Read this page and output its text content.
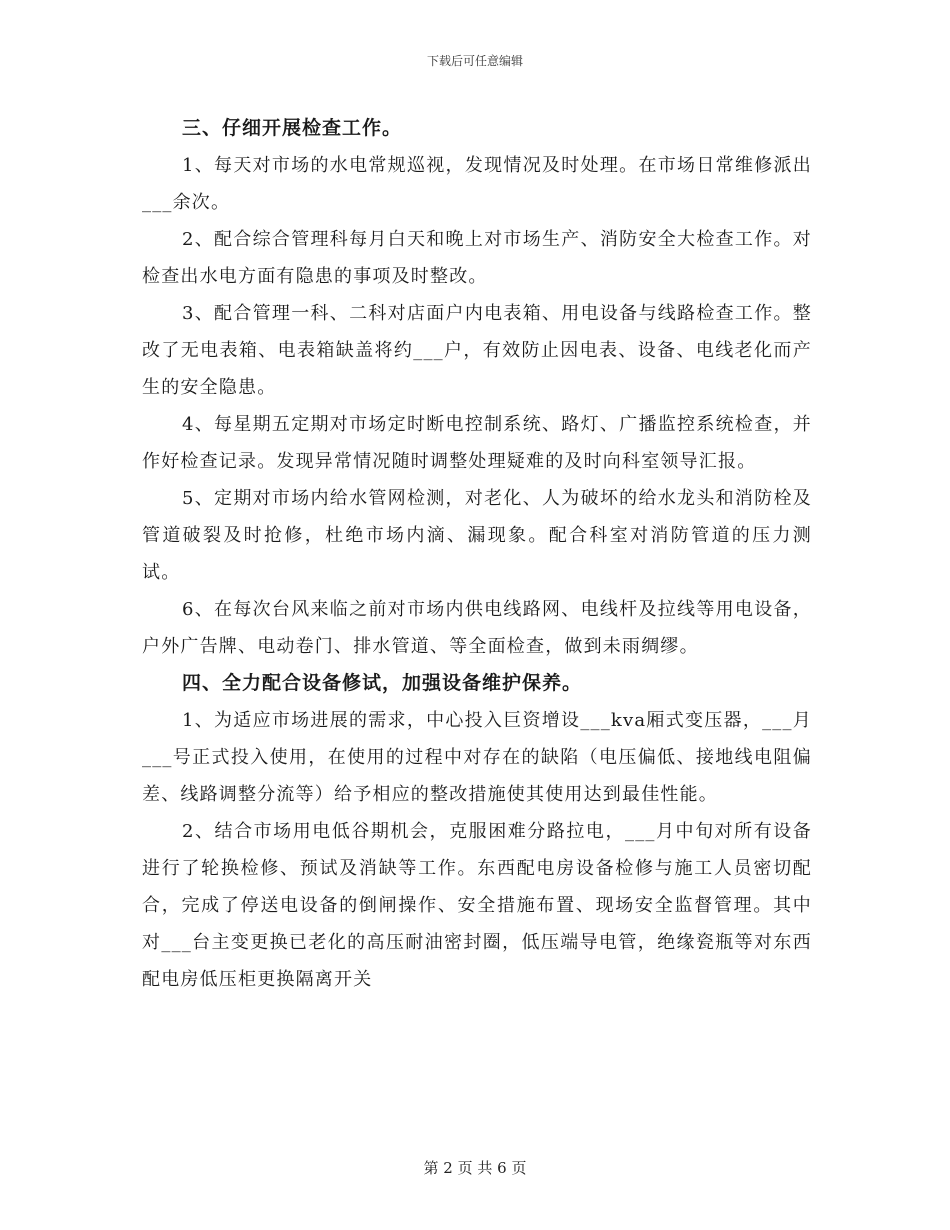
下载后可任意编辑

三、仔细开展检查工作。

1、每天对市场的水电常规巡视，发现情况及时处理。在市场日常维修派出___余次。

2、配合综合管理科每月白天和晚上对市场生产、消防安全大检查工作。对检查出水电方面有隐患的事项及时整改。

3、配合管理一科、二科对店面户内电表箱、用电设备与线路检查工作。整改了无电表箱、电表箱缺盖将约___户，有效防止因电表、设备、电线老化而产生的安全隐患。

4、每星期五定期对市场定时断电控制系统、路灯、广播监控系统检查，并作好检查记录。发现异常情况随时调整处理疑难的及时向科室领导汇报。

5、定期对市场内给水管网检测，对老化、人为破坏的给水龙头和消防栓及管道破裂及时抢修，杜绝市场内滴、漏现象。配合科室对消防管道的压力测试。

6、在每次台风来临之前对市场内供电线路网、电线杆及拉线等用电设备，户外广告牌、电动卷门、排水管道、等全面检查，做到未雨绸缪。

四、全力配合设备修试，加强设备维护保养。

1、为适应市场进展的需求，中心投入巨资增设___kva厢式变压器，___月___号正式投入使用，在使用的过程中对存在的缺陷（电压偏低、接地线电阻偏差、线路调整分流等）给予相应的整改措施使其使用达到最佳性能。

2、结合市场用电低谷期机会，克服困难分路拉电，___月中旬对所有设备进行了轮换检修、预试及消缺等工作。东西配电房设备检修与施工人员密切配合，完成了停送电设备的倒闸操作、安全措施布置、现场安全监督管理。其中对___台主变更换已老化的高压耐油密封圈，低压端导电管，绝缘瓷瓶等对东西配电房低压柜更换隔离开关

第 2 页 共 6 页
